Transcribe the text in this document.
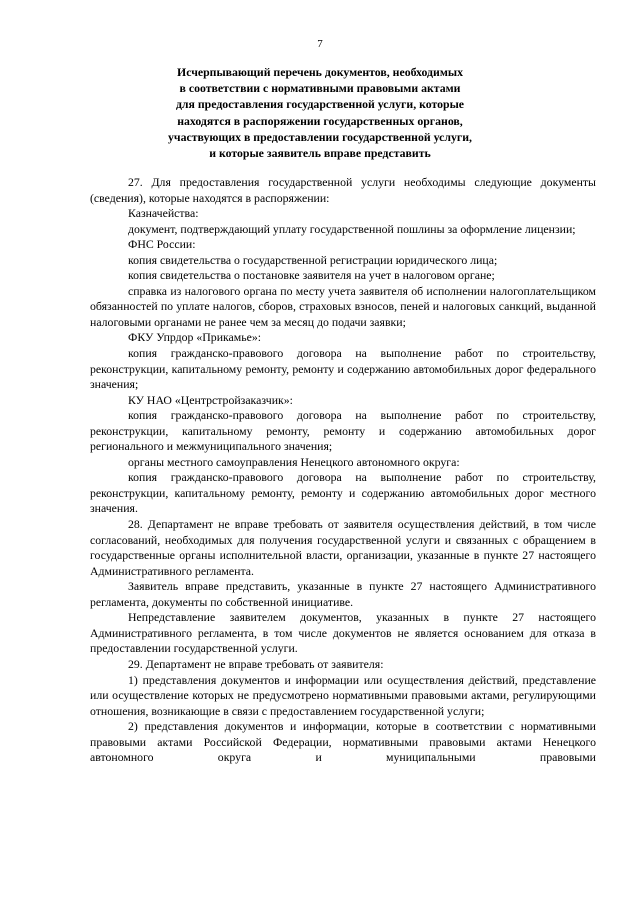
7
Исчерпывающий перечень документов, необходимых
в соответствии с нормативными правовыми актами
для предоставления государственной услуги, которые
находятся в распоряжении государственных органов,
участвующих в предоставлении государственной услуги,
и которые заявитель вправе представить

27. Для предоставления государственной услуги необходимы следующие документы (сведения), которые находятся в распоряжении:

Казначейства:

документ, подтверждающий уплату государственной пошлины за оформление лицензии;

ФНС России:

копия свидетельства о государственной регистрации юридического лица;

копия свидетельства о постановке заявителя на учет в налоговом органе;

справка из налогового органа по месту учета заявителя об исполнении налогоплательщиком обязанностей по уплате налогов, сборов, страховых взносов, пеней и налоговых санкций, выданной налоговыми органами не ранее чем за месяц до подачи заявки;

ФКУ Упрдор «Прикамье»:

копия гражданско-правового договора на выполнение работ по строительству, реконструкции, капитальному ремонту, ремонту и содержанию автомобильных дорог федерального значения;

КУ НАО «Центрстройзаказчик»:

копия гражданско-правового договора на выполнение работ по строительству, реконструкции, капитальному ремонту, ремонту и содержанию автомобильных дорог регионального и межмуниципального значения;

органы местного самоуправления Ненецкого автономного округа:

копия гражданско-правового договора на выполнение работ по строительству, реконструкции, капитальному ремонту, ремонту и содержанию автомобильных дорог местного значения.

28. Департамент не вправе требовать от заявителя осуществления действий, в том числе согласований, необходимых для получения государственной услуги и связанных с обращением в государственные органы исполнительной власти, организации, указанные в пункте 27 настоящего Административного регламента.

Заявитель вправе представить, указанные в пункте 27 настоящего Административного регламента, документы по собственной инициативе.

Непредставление заявителем документов, указанных в пункте 27 настоящего Административного регламента, в том числе документов не является основанием для отказа в предоставлении государственной услуги.

29. Департамент не вправе требовать от заявителя:

1) представления документов и информации или осуществления действий, представление или осуществление которых не предусмотрено нормативными правовыми актами, регулирующими отношения, возникающие в связи с предоставлением государственной услуги;

2) представления документов и информации, которые в соответствии с нормативными правовыми актами Российской Федерации, нормативными правовыми актами Ненецкого автономного округа и муниципальными правовыми
